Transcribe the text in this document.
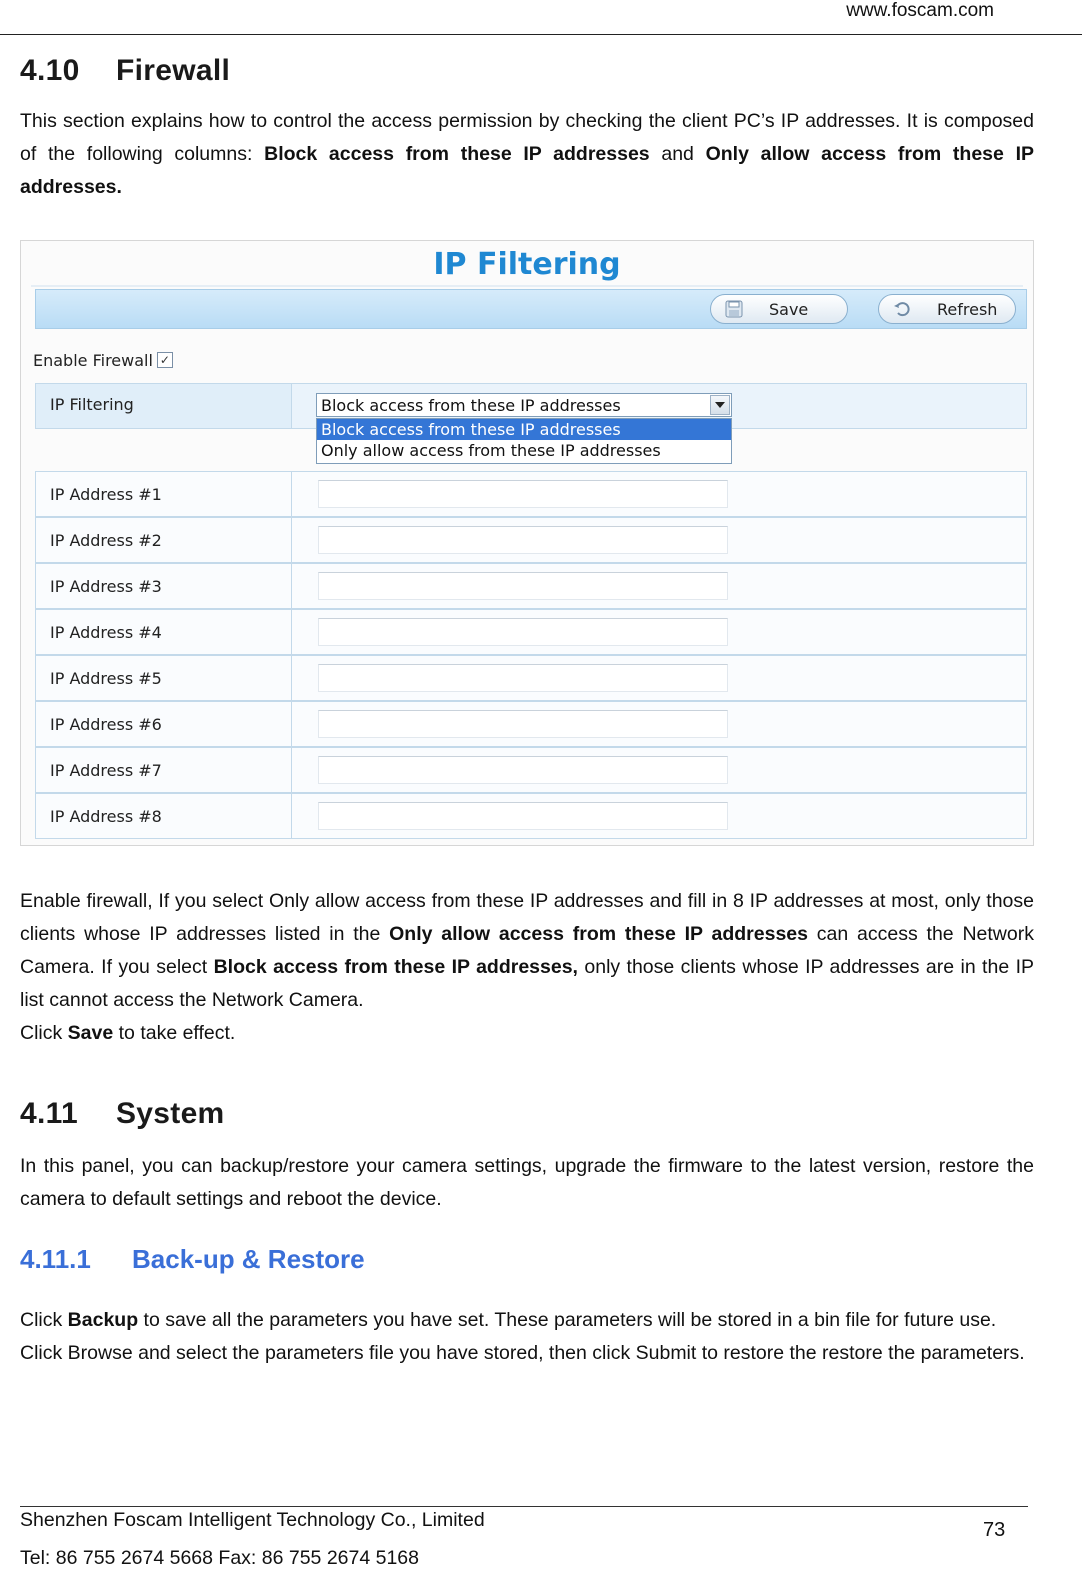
www.foscam.com
4.10 Firewall

This section explains how to control the access permission by checking the client PC’s IP addresses. It is composed of the following columns: Block access from these IP addresses and Only allow access from these IP addresses.

IP Filtering
Save	Refresh
Enable Firewall ✓
IP Filtering	Block access from these IP addresses
Block access from these IP addresses
Only allow access from these IP addresses
IP Address #1
IP Address #2
IP Address #3
IP Address #4
IP Address #5
IP Address #6
IP Address #7
IP Address #8

Enable firewall, If you select Only allow access from these IP addresses and fill in 8 IP addresses at most, only those clients whose IP addresses listed in the Only allow access from these IP addresses can access the Network Camera. If you select Block access from these IP addresses, only those clients whose IP addresses are in the IP list cannot access the Network Camera.

Click Save to take effect.

4.11 System

In this panel, you can backup/restore your camera settings, upgrade the firmware to the latest version, restore the camera to default settings and reboot the device.

4.11.1 Back-up & Restore

Click Backup to save all the parameters you have set. These parameters will be stored in a bin file for future use.

Click Browse and select the parameters file you have stored, then click Submit to restore the restore the parameters.

Shenzhen Foscam Intelligent Technology Co., Limited
Tel: 86 755 2674 5668 Fax: 86 755 2674 5168
73
